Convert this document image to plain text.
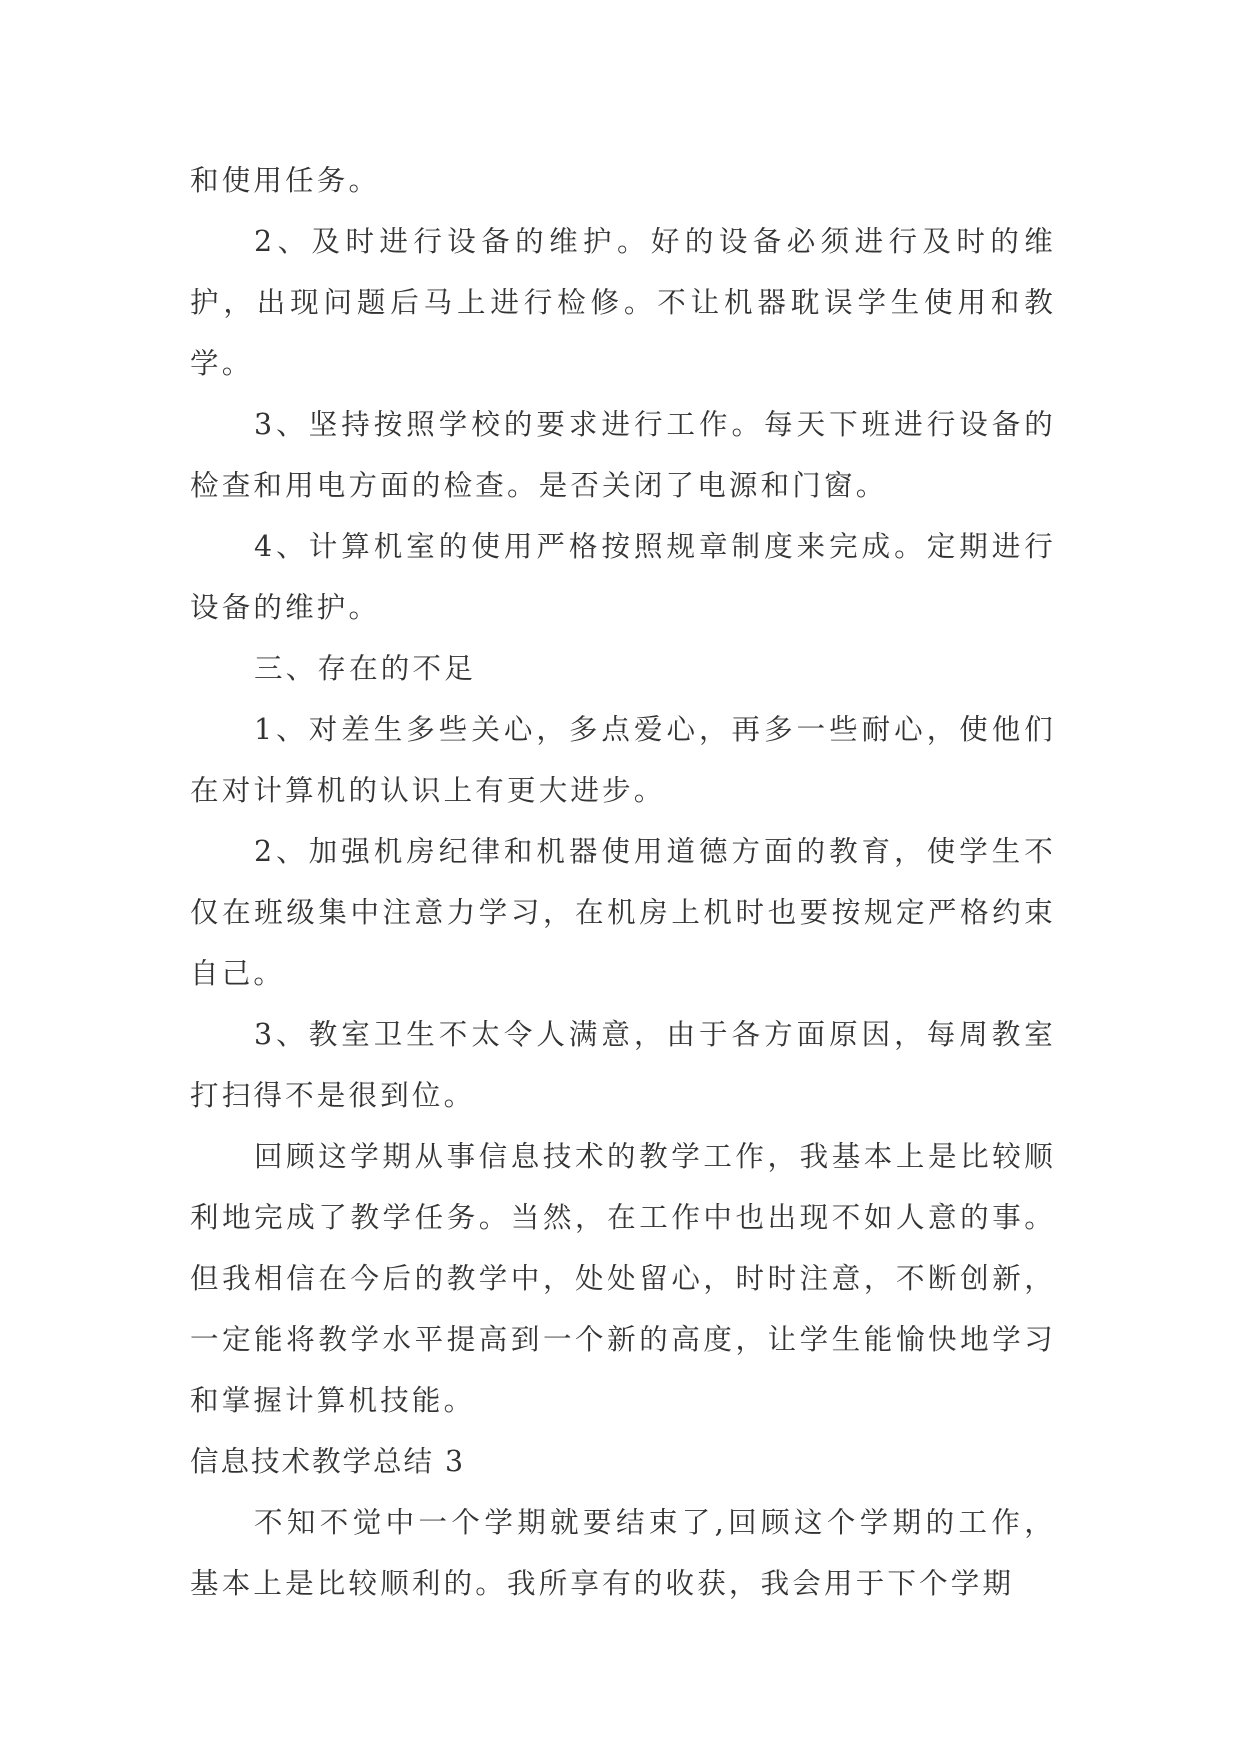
和使用任务。

2、及时进行设备的维护。好的设备必须进行及时的维护，出现问题后马上进行检修。不让机器耽误学生使用和教学。

3、坚持按照学校的要求进行工作。每天下班进行设备的检查和用电方面的检查。是否关闭了电源和门窗。

4、计算机室的使用严格按照规章制度来完成。定期进行设备的维护。

三、存在的不足

1、对差生多些关心，多点爱心，再多一些耐心，使他们在对计算机的认识上有更大进步。

2、加强机房纪律和机器使用道德方面的教育，使学生不仅在班级集中注意力学习，在机房上机时也要按规定严格约束自己。

3、教室卫生不太令人满意，由于各方面原因，每周教室打扫得不是很到位。

回顾这学期从事信息技术的教学工作，我基本上是比较顺利地完成了教学任务。当然，在工作中也出现不如人意的事。但我相信在今后的教学中，处处留心，时时注意，不断创新，一定能将教学水平提高到一个新的高度，让学生能愉快地学习和掌握计算机技能。

信息技术教学总结 3

不知不觉中一个学期就要结束了,回顾这个学期的工作，基本上是比较顺利的。我所享有的收获，我会用于下个学期
